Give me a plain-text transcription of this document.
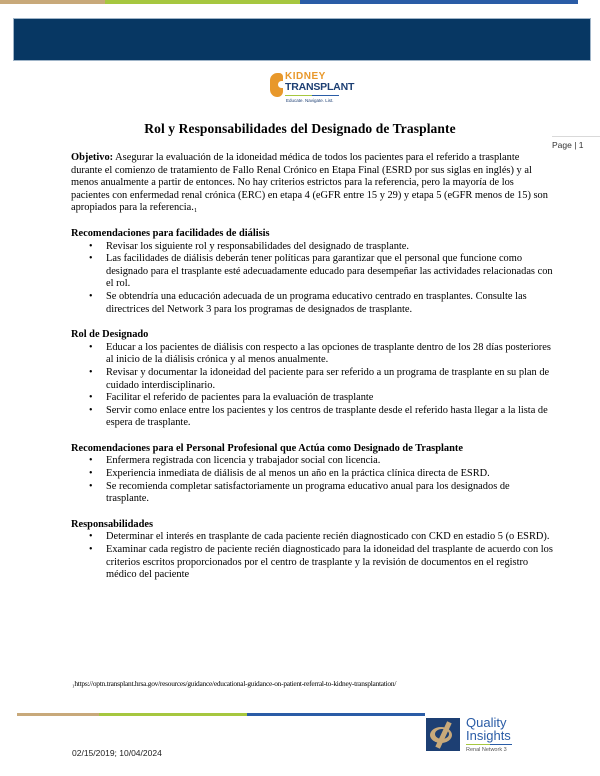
KIDNEY
TRANSPLANT
Educate. Navigate. List.
Page | 1
Rol y Responsabilidades del Designado de Trasplante

Objetivo: Asegurar la evaluación de la idoneidad médica de todos los pacientes para el referido a trasplante durante el comienzo de tratamiento de Fallo Renal Crónico en Etapa Final (ESRD por sus siglas en inglés) y al menos anualmente a partir de entonces. No hay criterios estrictos para la referencia, pero la mayoría de los pacientes con enfermedad renal crónica (ERC) en etapa 4 (eGFR entre 15 y 29) y etapa 5 (eGFR menos de 15) son apropiados para la referencia.₁

Recomendaciones para facilidades de diálisis
• Revisar los siguiente rol y responsabilidades del designado de trasplante.
• Las facilidades de diálisis deberán tener políticas para garantizar que el personal que funcione como designado para el trasplante esté adecuadamente educado para desempeñar las actividades relacionadas con el rol.
• Se obtendría una educación adecuada de un programa educativo centrado en trasplantes. Consulte las directrices del Network 3 para los programas de designados de trasplante.
Rol de Designado
• Educar a los pacientes de diálisis con respecto a las opciones de trasplante dentro de los 28 días posteriores al inicio de la diálisis crónica y al menos anualmente.
• Revisar y documentar la idoneidad del paciente para ser referido a un programa de trasplante en su plan de cuidado interdisciplinario.
• Facilitar el referido de pacientes para la evaluación de trasplante
• Servir como enlace entre los pacientes y los centros de trasplante desde el referido hasta llegar a la lista de espera de trasplante.
Recomendaciones para el Personal Profesional que Actúa como Designado de Trasplante
• Enfermera registrada con licencia y trabajador social con licencia.
• Experiencia inmediata de diálisis de al menos un año en la práctica clínica directa de ESRD.
• Se recomienda completar satisfactoriamente un programa educativo anual para los designados de trasplante.
Responsabilidades
• Determinar el interés en trasplante de cada paciente recién diagnosticado con CKD en estadio 5 (o ESRD).
• Examinar cada registro de paciente recién diagnosticado para la idoneidad del trasplante de acuerdo con los criterios escritos proporcionados por el centro de trasplante y la revisión de documentos en el registro médico del paciente
₁https://optn.transplant.hrsa.gov/resources/guidance/educational-guidance-on-patient-referral-to-kidney-transplantation/
02/15/2019; 10/04/2024
Quality
Insights
Renal Network 3
